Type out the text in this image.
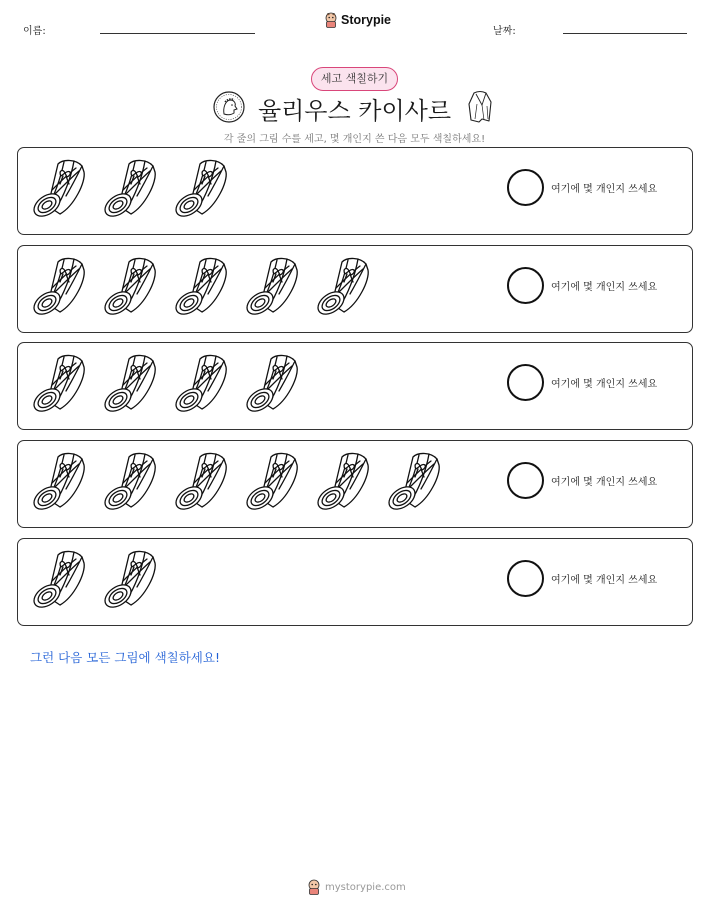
이름:
Storypie
날짜:
세고 색칠하기
율리우스 카이사르
각 줄의 그림 수를 세고, 몇 개인지 쓴 다음 모두 색칠하세요!
여기에 몇 개인지 쓰세요
여기에 몇 개인지 쓰세요
여기에 몇 개인지 쓰세요
여기에 몇 개인지 쓰세요
여기에 몇 개인지 쓰세요
그런 다음 모든 그림에 색칠하세요!
mystorypie.com
